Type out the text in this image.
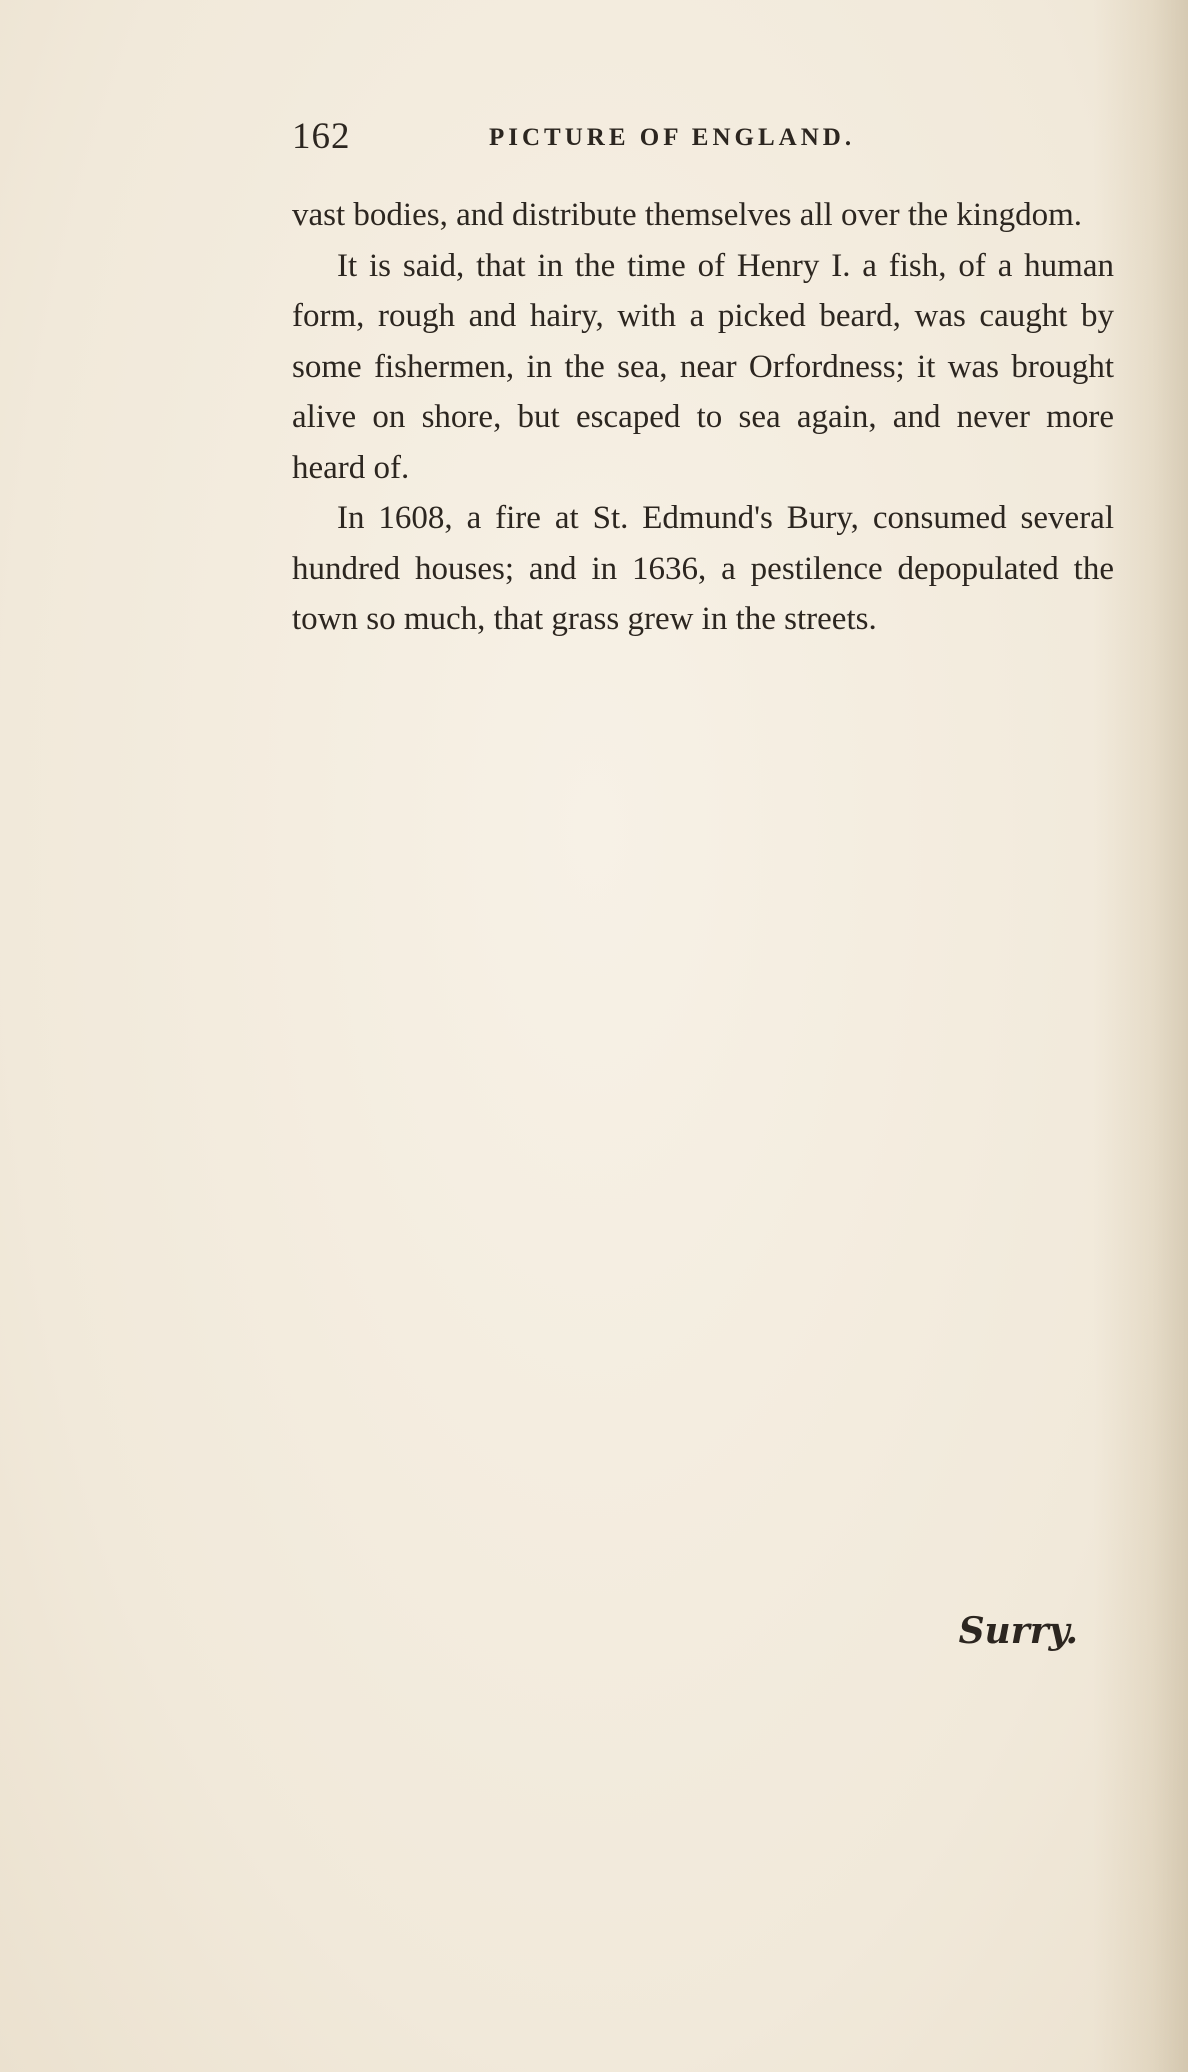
162	PICTURE OF ENGLAND.

vast bodies, and distribute themselves all over the kingdom.

It is said, that in the time of Henry I. a fish, of a human form, rough and hairy, with a picked beard, was caught by some fishermen, in the sea, near Orfordness; it was brought alive on shore, but escaped to sea again, and never more heard of.

In 1608, a fire at St. Edmund's Bury, consumed several hundred houses; and in 1636, a pestilence depopulated the town so much, that grass grew in the streets.

Surry.
